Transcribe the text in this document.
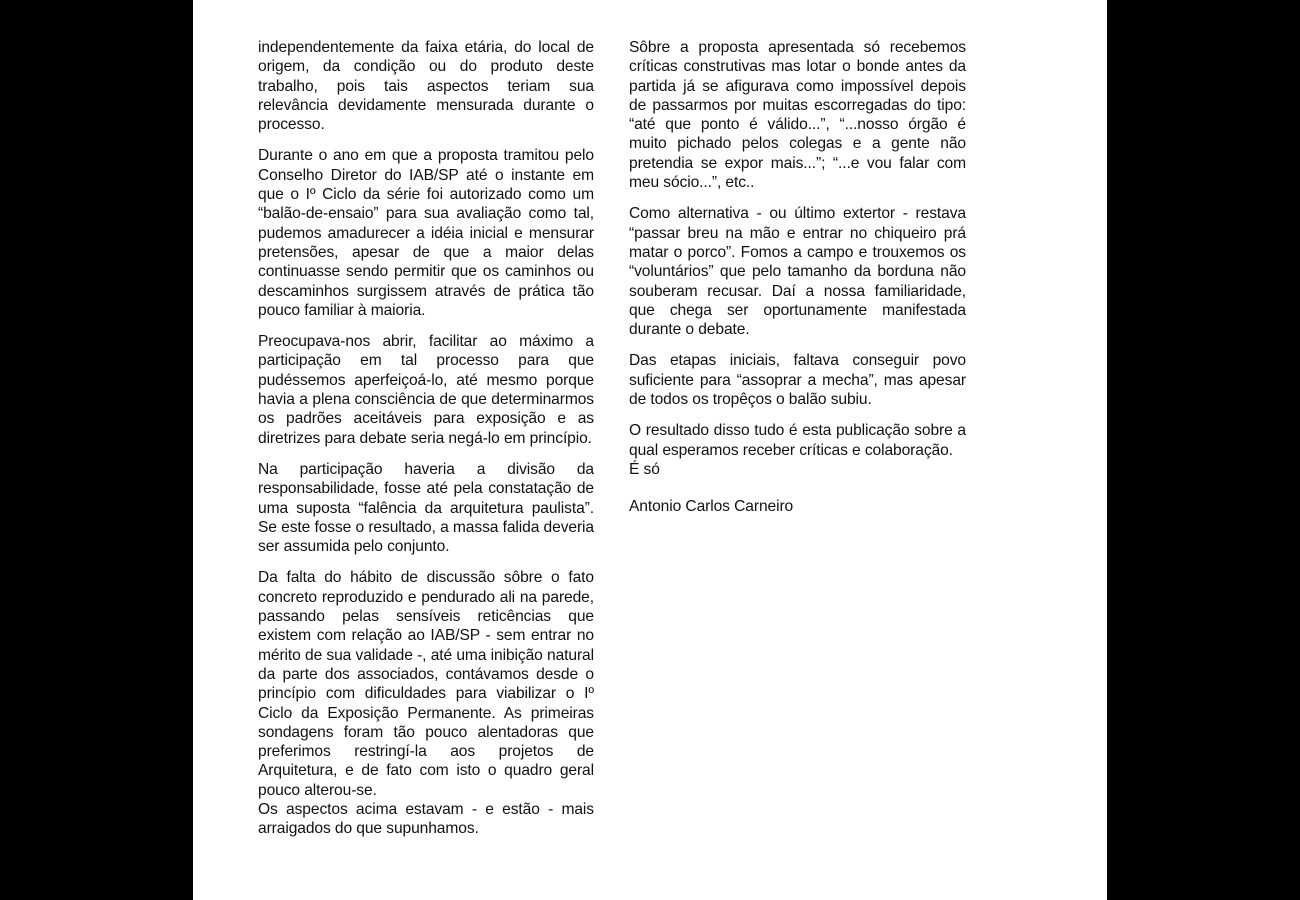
independentemente da faixa etária, do local de origem, da condição ou do produto deste trabalho, pois tais aspectos teriam sua relevância devidamente mensurada durante o processo.

Durante o ano em que a proposta tramitou pelo Conselho Diretor do IAB/SP até o instante em que o Iº Ciclo da série foi autorizado como um “balão-de-ensaio” para sua avaliação como tal, pudemos amadurecer a idéia inicial e mensurar pretensões, apesar de que a maior delas continuasse sendo permitir que os caminhos ou descaminhos surgissem através de prática tão pouco familiar à maioria.

Preocupava-nos abrir, facilitar ao máximo a participação em tal processo para que pudéssemos aperfeiçoá-lo, até mesmo porque havia a plena consciência de que determinarmos os padrões aceitáveis para exposição e as diretrizes para debate seria negá-lo em princípio.

Na participação haveria a divisão da responsabilidade, fosse até pela constatação de uma suposta “falência da arquitetura paulista”. Se este fosse o resultado, a massa falida deveria ser assumida pelo conjunto.

Da falta do hábito de discussão sôbre o fato concreto reproduzido e pendurado ali na parede, passando pelas sensíveis reticências que existem com relação ao IAB/SP - sem entrar no mérito de sua validade -, até uma inibição natural da parte dos associados, contávamos desde o princípio com dificuldades para viabilizar o Iº Ciclo da Exposição Permanente. As primeiras sondagens foram tão pouco alentadoras que preferimos restringí-la aos projetos de Arquitetura, e de fato com isto o quadro geral pouco alterou-se.

Os aspectos acima estavam - e estão - mais arraigados do que supunhamos.

Sôbre a proposta apresentada só recebemos críticas construtivas mas lotar o bonde antes da partida já se afigurava como impossível depois de passarmos por muitas escorregadas do tipo: “até que ponto é válido...”, “...nosso órgão é muito pichado pelos colegas e a gente não pretendia se expor mais...”; “...e vou falar com meu sócio...”, etc..

Como alternativa - ou último extertor - restava “passar breu na mão e entrar no chiqueiro prá matar o porco”. Fomos a campo e trouxemos os “voluntários” que pelo tamanho da borduna não souberam recusar. Daí a nossa familiaridade, que chega ser oportunamente manifestada durante o debate.

Das etapas iniciais, faltava conseguir povo suficiente para “assoprar a mecha”, mas apesar de todos os tropêços o balão subiu.

O resultado disso tudo é esta publicação sobre a qual esperamos receber críticas e colaboração.

É só

Antonio Carlos Carneiro
